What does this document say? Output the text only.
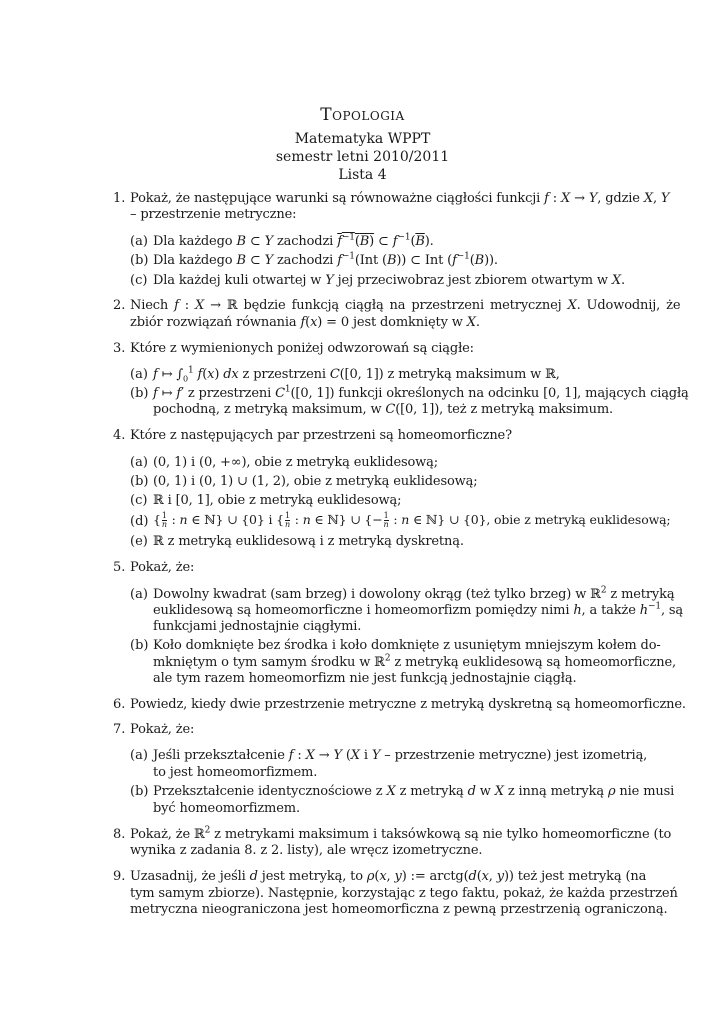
Topologia
Matematyka WPPT
semestr letni 2010/2011
Lista 4
1. Pokaż, że następujące warunki są równoważne ciągłości funkcji f : X → Y, gdzie X, Y
– przestrzenie metryczne:
(a) Dla każdego B ⊂ Y zachodzi $f^{-1}(B)$ ⊂ $f^{-1}(\overline{B})$.
(b) Dla każdego B ⊂ Y zachodzi $f^{-1}(Int$ (B)) ⊂ Int $(f^{-1}(B))$.
(c) Dla każdej kuli otwartej w Y jej przeciwobraz jest zbiorem otwartym w X.
2. Niech f : X → ℝ będzie funkcją ciągłą na przestrzeni metrycznej X. Udowodnij, że
zbiór rozwiązań równania f(x) = 0 jest domknięty w X.
3. Które z wymienionych poniżej odwzorowań są ciągłe:
(a) f ↦ $\int_0^1$ f(x) dx z przestrzeni C([0, 1]) z metryką maksimum w ℝ,
(b) f ↦ f′ z przestrzeni $C^1([0$, 1]) funkcji określonych na odcinku [0, 1], mających ciągłą
pochodną, z metryką maksimum, w C([0, 1]), też z metryką maksimum.
4. Które z następujących par przestrzeni są homeomorficzne?
(a) (0, 1) i (0, +∞), obie z metryką euklidesową;
(b) (0, 1) i (0, 1) ∪ (1, 2), obie z metryką euklidesową;
(c) ℝ i [0, 1], obie z metryką euklidesową;
(d) { $\frac{1}{n}$ : n ∈ ℕ} ∪ {0} i { $\frac{1}{n}$ : n ∈ ℕ} ∪ {− $\frac{1}{n}$ : n ∈ ℕ} ∪ {0}, obie z metryką euklidesową;
(e) ℝ z metryką euklidesową i z metryką dyskretną.
5. Pokaż, że:
(a) Dowolny kwadrat (sam brzeg) i dowolony okrąg (też tylko brzeg) w ℝ$^2$ z metryką
euklidesową są homeomorficzne i homeomorfizm pomiędzy nimi h, a także $h^{-1}$, są
funkcjami jednostajnie ciągłymi.
(b) Koło domknięte bez środka i koło domknięte z usuniętym mniejszym kołem do-
mkniętym o tym samym środku w ℝ$^2$ z metryką euklidesową są homeomorficzne,
ale tym razem homeomorfizm nie jest funkcją jednostajnie ciągłą.
6. Powiedz, kiedy dwie przestrzenie metryczne z metryką dyskretną są homeomorficzne.
7. Pokaż, że:
(a) Jeśli przekształcenie f : X → Y (X i Y – przestrzenie metryczne) jest izometrią,
to jest homeomorfizmem.
(b) Przekształcenie identycznościowe z X z metryką d w X z inną metryką ρ nie musi
być homeomorfizmem.
8. Pokaż, że ℝ$^2$ z metrykami maksimum i taksówkową są nie tylko homeomorficzne (to
wynika z zadania 8. z 2. listy), ale wręcz izometryczne.
9. Uzasadnij, że jeśli d jest metryką, to ρ(x, y) := arctg(d(x, y)) też jest metryką (na
tym samym zbiorze). Następnie, korzystając z tego faktu, pokaż, że każda przestrzeń
metryczna nieograniczona jest homeomorficzna z pewną przestrzenią ograniczoną.
